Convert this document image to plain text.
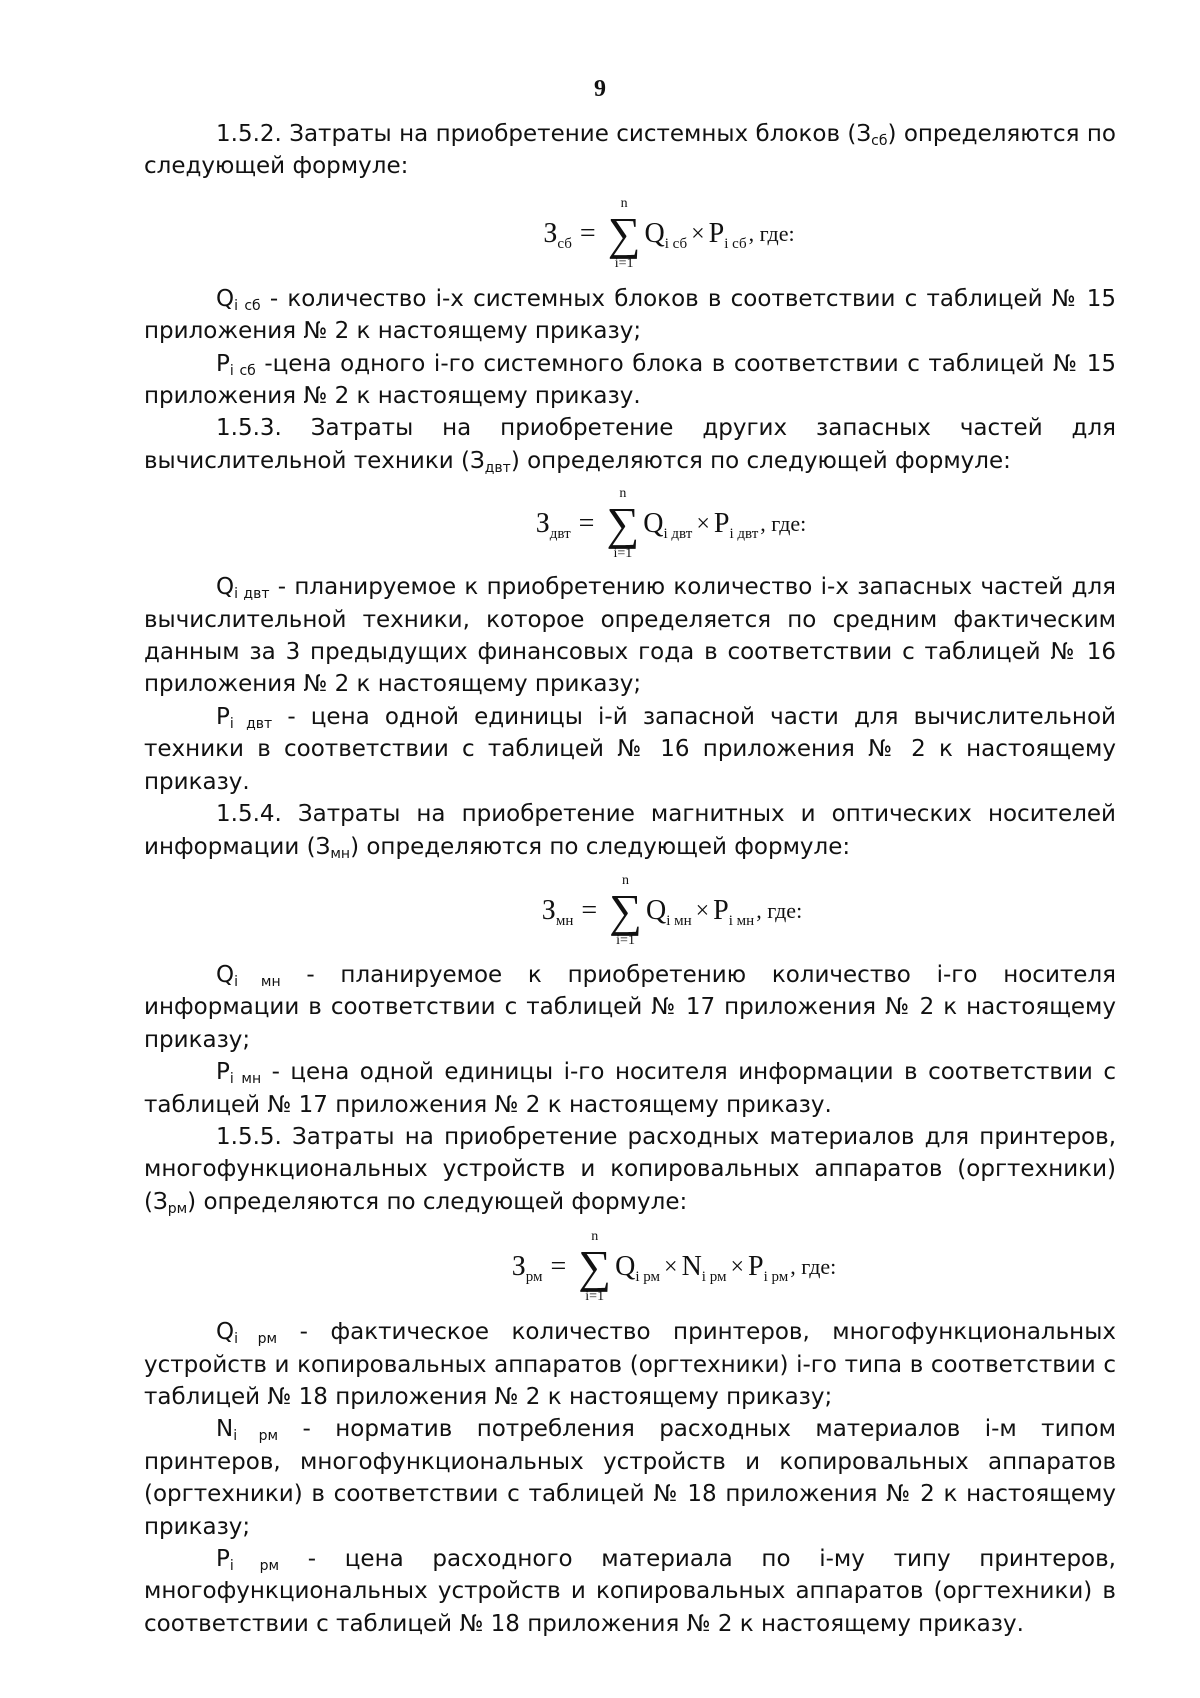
9

1.5.2. Затраты на приобретение системных блоков $(З_{сб})$ определяются по следующей формуле:

$З_{сб}$ =
n
∑
i=1
$Q_{i сб} \times P_{i сб}$ , где:

$Q_{i сб}$ - количество i-х системных блоков в соответствии с таблицей № 15 приложения № 2 к настоящему приказу;

$P_{i сб}$ -цена одного i-го системного блока в соответствии с таблицей № 15 приложения № 2 к настоящему приказу.

1.5.3. Затраты на приобретение других запасных частей для вычислительной техники $(З_{двт})$ определяются по следующей формуле:

$З_{двт}$ =
n
∑
i=1
$Q_{i двт} \times P_{i двт}$ , где:

$Q_{i двт}$ - планируемое к приобретению количество i-х запасных частей для вычислительной техники, которое определяется по средним фактическим данным за 3 предыдущих финансовых года в соответствии с таблицей № 16 приложения № 2 к настоящему приказу;

$P_{i двт}$ - цена одной единицы i-й запасной части для вычислительной техники в соответствии с таблицей № 16 приложения № 2 к настоящему приказу.

1.5.4. Затраты на приобретение магнитных и оптических носителей информации $(З_{мн})$ определяются по следующей формуле:

$З_{мн}$ =
n
∑
i=1
$Q_{i мн} \times P_{i мн}$ , где:

$Q_{i мн}$ - планируемое к приобретению количество i-го носителя информации в соответствии с таблицей № 17 приложения № 2 к настоящему приказу;

$P_{i мн}$ - цена одной единицы i-го носителя информации в соответствии с таблицей № 17 приложения № 2 к настоящему приказу.

1.5.5. Затраты на приобретение расходных материалов для принтеров, многофункциональных устройств и копировальных аппаратов (оргтехники) $(З_{рм})$ определяются по следующей формуле:

$З_{рм}$ =
n
∑
i=1
$Q_{i рм} \times N_{i рм} \times P_{i рм}$ , где:

$Q_{i рм}$ - фактическое количество принтеров, многофункциональных устройств и копировальных аппаратов (оргтехники) i-го типа в соответствии с таблицей № 18 приложения № 2 к настоящему приказу;

$N_{i рм}$ - норматив потребления расходных материалов i-м типом принтеров, многофункциональных устройств и копировальных аппаратов (оргтехники) в соответствии с таблицей № 18 приложения № 2 к настоящему приказу;

$P_{i рм}$ - цена расходного материала по i-му типу принтеров, многофункциональных устройств и копировальных аппаратов (оргтехники) в соответствии с таблицей № 18 приложения № 2 к настоящему приказу.
